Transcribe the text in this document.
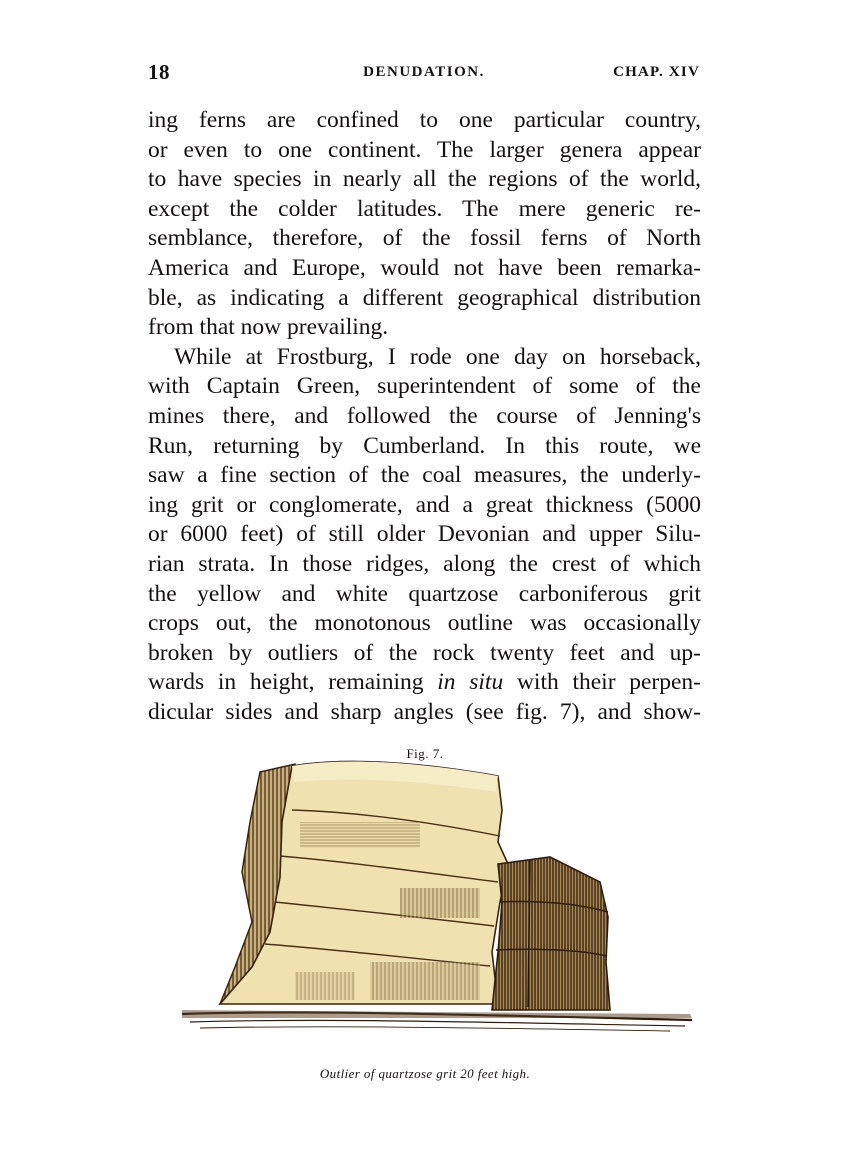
18	DENUDATION.	CHAP. XIV
ing ferns are confined to one particular country,
or even to one continent. The larger genera appear
to have species in nearly all the regions of the world,
except the colder latitudes. The mere generic re-
semblance, therefore, of the fossil ferns of North
America and Europe, would not have been remarka-
ble, as indicating a different geographical distribution
from that now prevailing.
While at Frostburg, I rode one day on horseback,
with Captain Green, superintendent of some of the
mines there, and followed the course of Jenning's
Run, returning by Cumberland. In this route, we
saw a fine section of the coal measures, the underly-
ing grit or conglomerate, and a great thickness (5000
or 6000 feet) of still older Devonian and upper Silu-
rian strata. In those ridges, along the crest of which
the yellow and white quartzose carboniferous grit
crops out, the monotonous outline was occasionally
broken by outliers of the rock twenty feet and up-
wards in height, remaining in situ with their perpen-
dicular sides and sharp angles (see fig. 7), and show-
Fig. 7.
Outlier of quartzose grit 20 feet high.
